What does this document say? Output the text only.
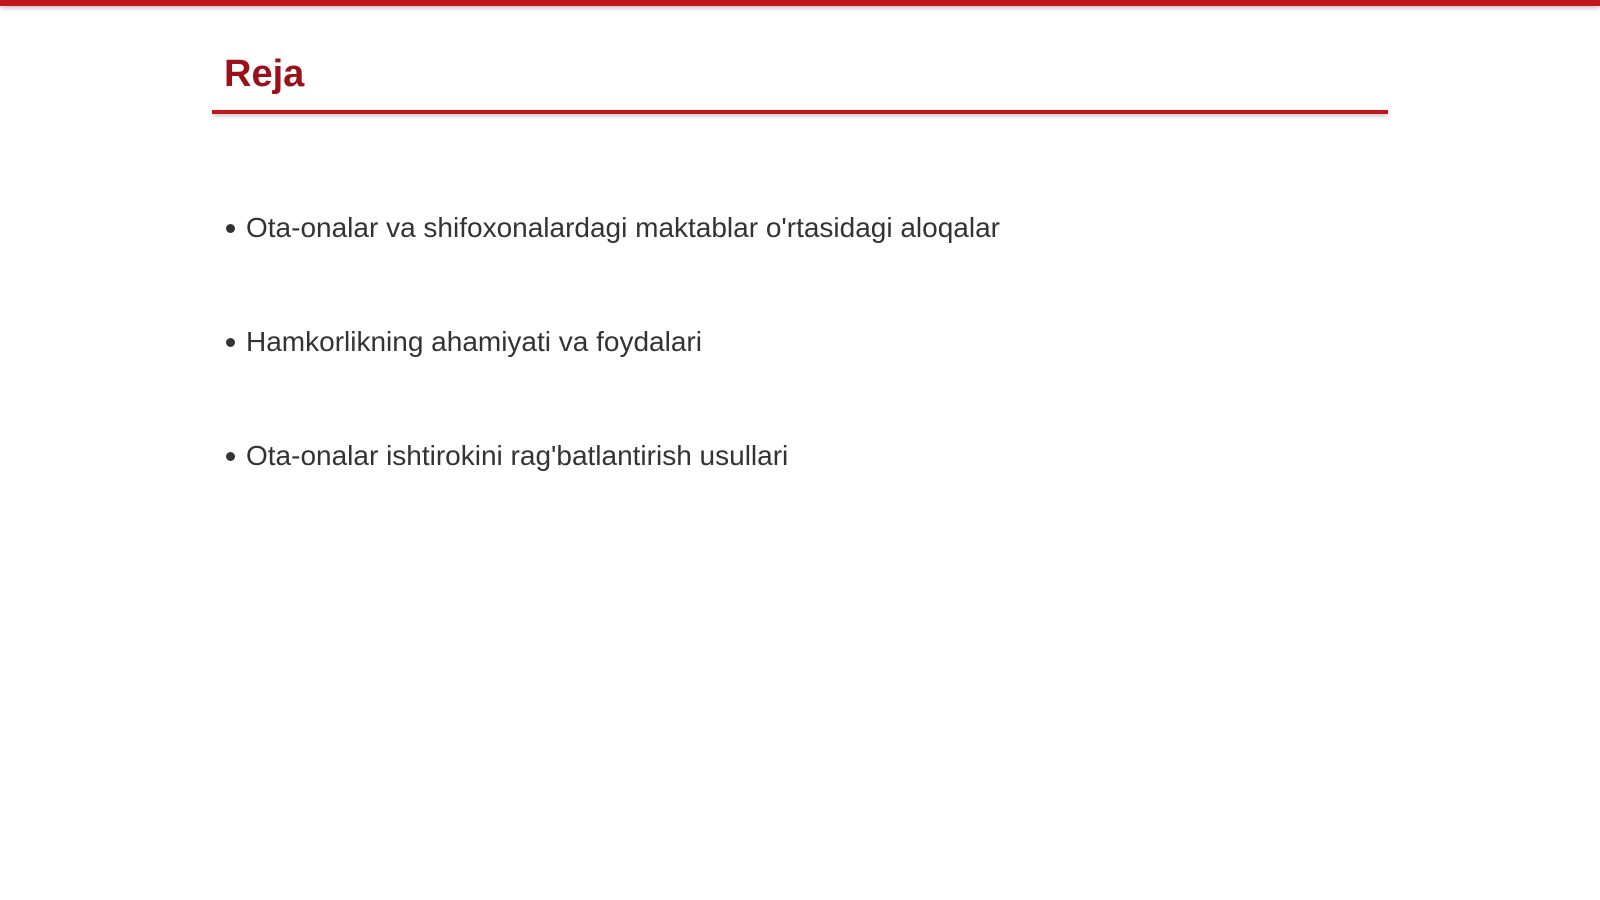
Reja
Ota-onalar va shifoxonalardagi maktablar o'rtasidagi aloqalar
Hamkorlikning ahamiyati va foydalari
Ota-onalar ishtirokini rag'batlantirish usullari
